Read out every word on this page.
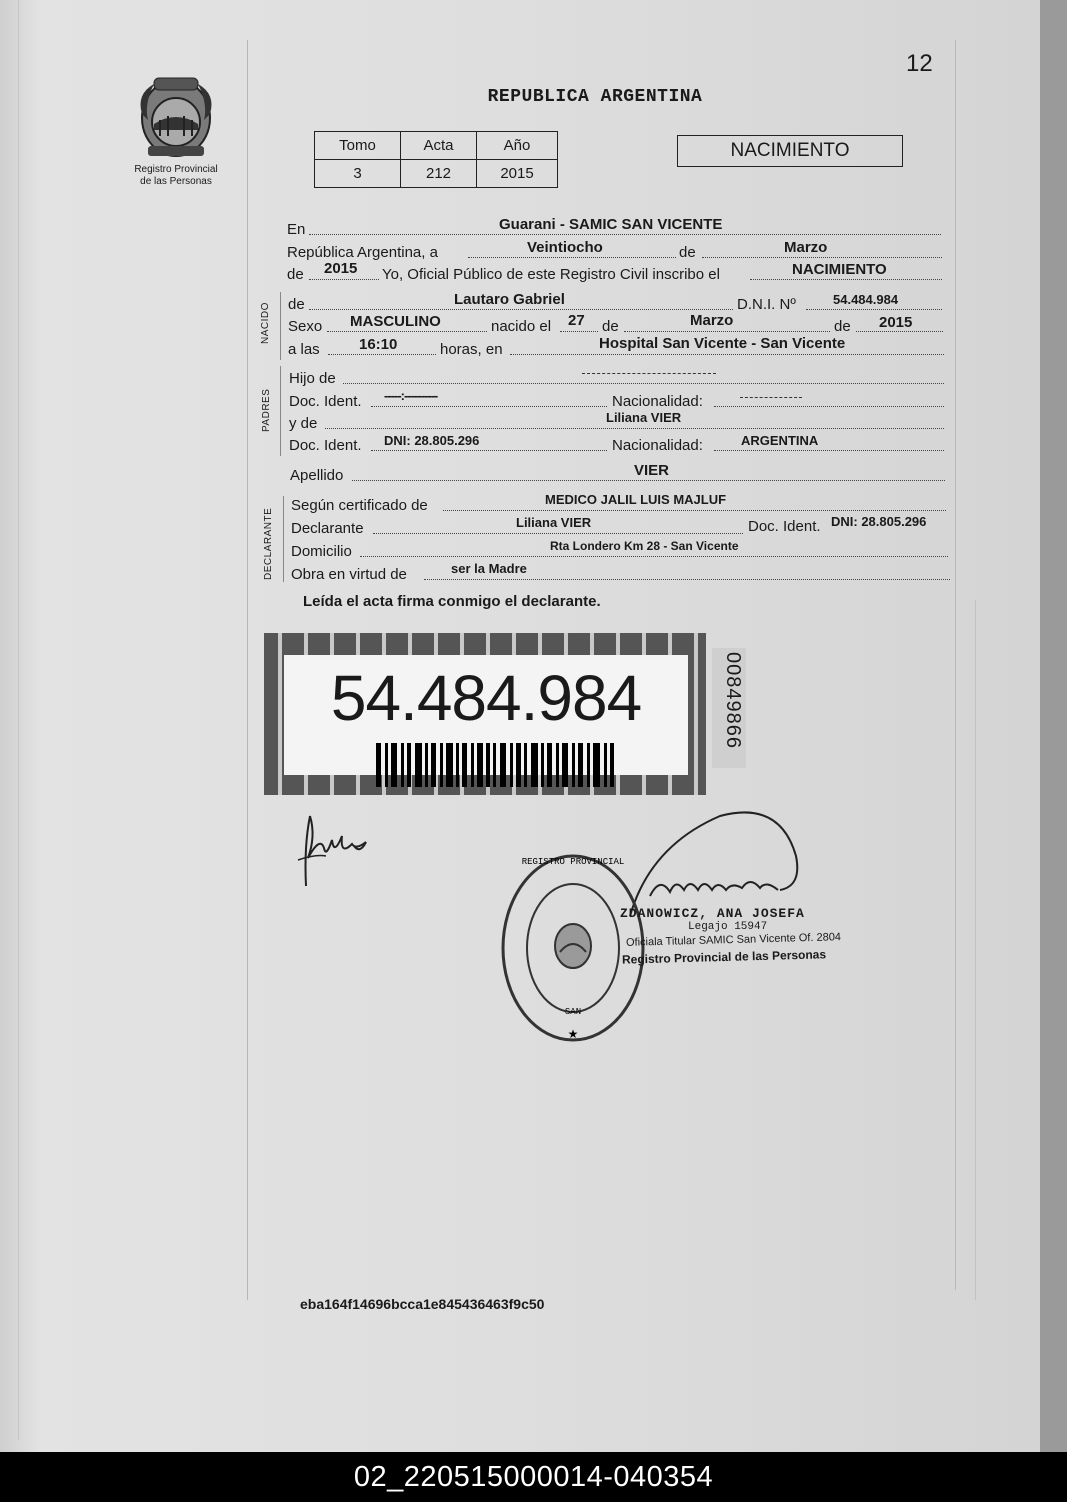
12
Registro Provincial
de las Personas
REPUBLICA ARGENTINA
Tomo	Acta	Año
3	212	2015
NACIMIENTO
En	Guarani - SAMIC SAN VICENTE
República Argentina, a	Veintiocho	de	Marzo
de 2015 Yo, Oficial Público de este Registro Civil inscribo el	NACIMIENTO
NACIDO de	Lautaro Gabriel	D.N.I. Nº	54.484.984
Sexo MASCULINO	nacido el 27 de	Marzo	de 2015
a las	16:10	horas, en	Hospital San Vicente - San Vicente
PADRES
Hijo de
Doc. Ident. -----:----------	Nacionalidad:
y de	Liliana VIER
Doc. Ident. DNI: 28.805.296	Nacionalidad:	ARGENTINA
Apellido	VIER
DECLARANTE
Según certificado de	MEDICO JALIL LUIS MAJLUF
Declarante	Liliana VIER	Doc. Ident. DNI: 28.805.296
Domicilio	Rta Londero Km 28 - San Vicente
Obra en virtud de	ser la Madre
Leída el acta firma conmigo el declarante.
54.484.984	00849866
REGISTRO PROVINCIAL
★
SAN
ZDANOWICZ, ANA JOSEFA
Legajo 15947
Oficiala Titular SAMIC San Vicente Of. 2804
Registro Provincial de las Personas
eba164f14696bcca1e845436463f9c50
02_220515000014-040354
